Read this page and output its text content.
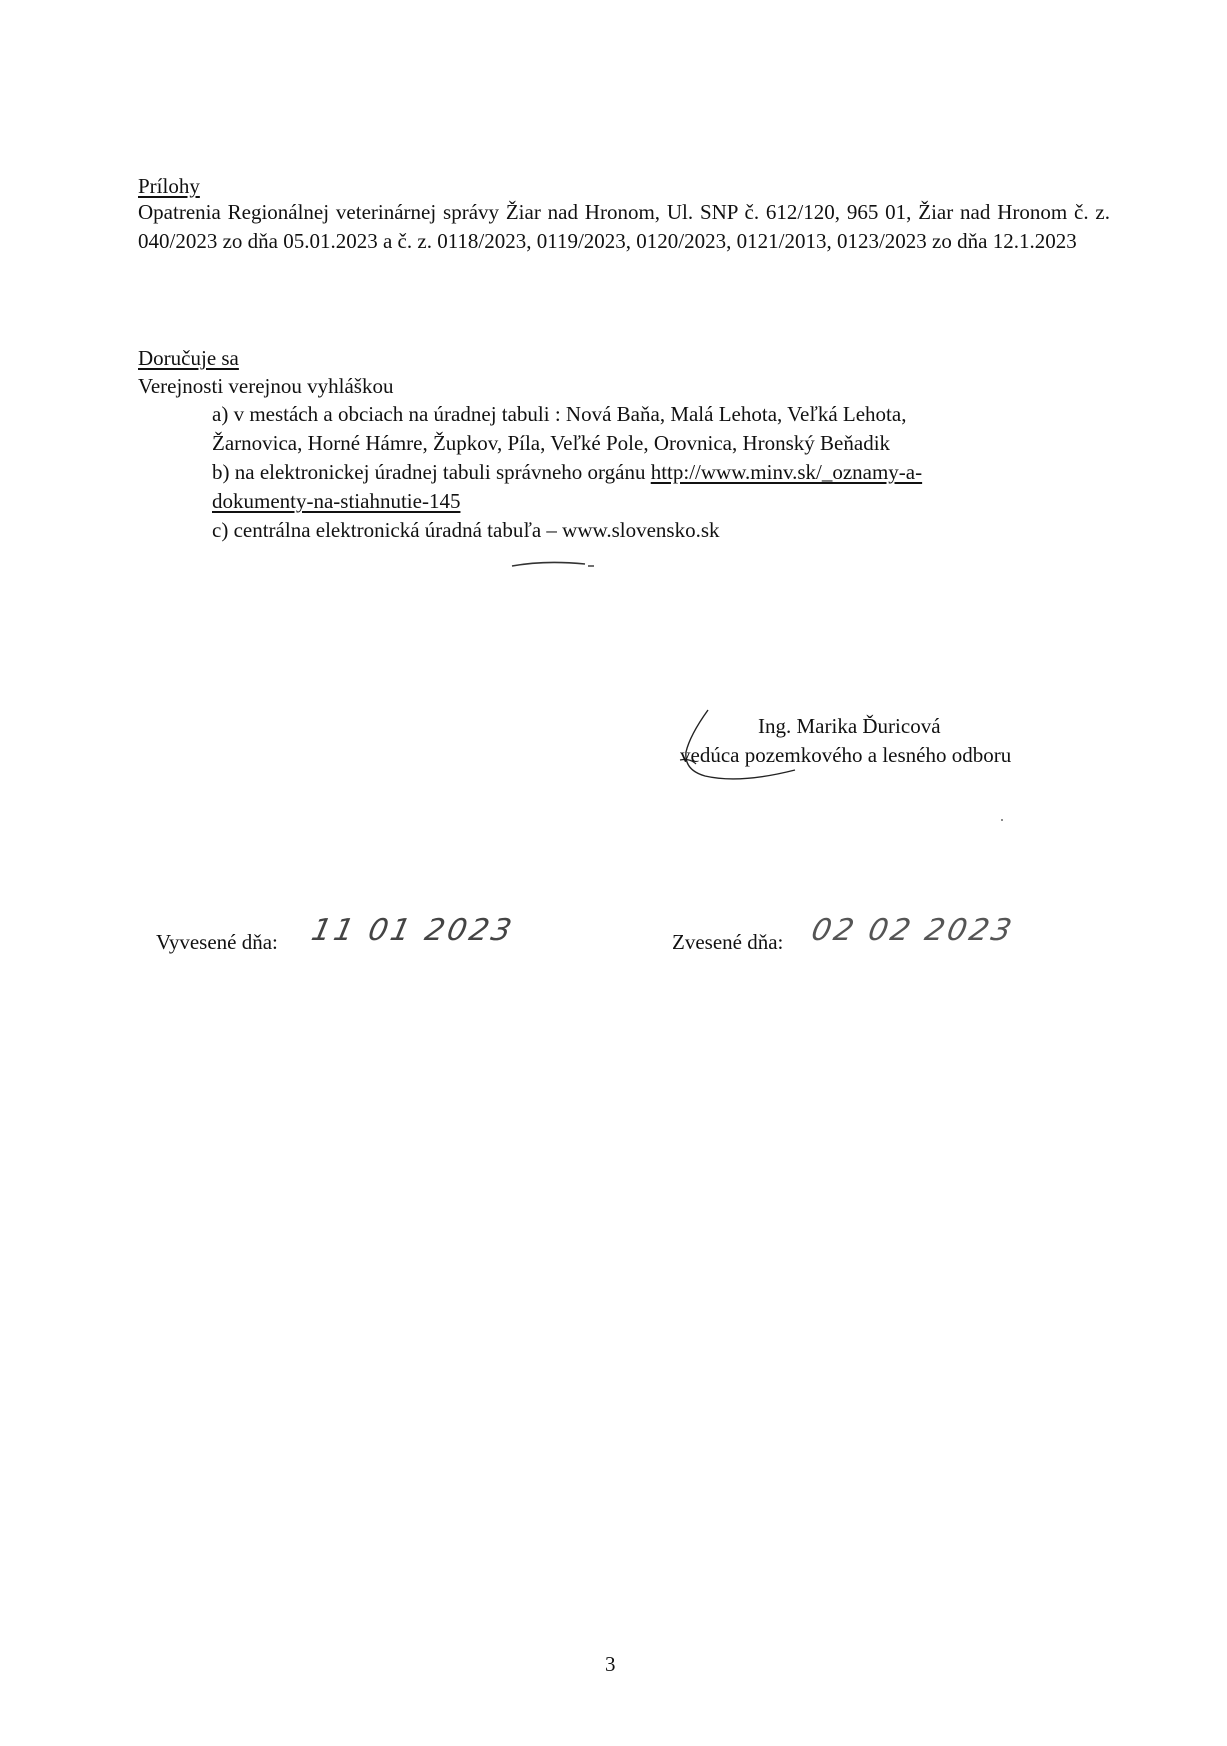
Prílohy
Opatrenia Regionálnej veterinárnej správy Žiar nad Hronom, Ul. SNP č. 612/120, 965 01, Žiar nad Hronom č. z. 040/2023 zo dňa 05.01.2023 a č. z. 0118/2023, 0119/2023, 0120/2023, 0121/2013, 0123/2023 zo dňa 12.1.2023
Doručuje sa
Verejnosti verejnou vyhláškou
a) v mestách a obciach na úradnej tabuli : Nová Baňa, Malá Lehota, Veľká Lehota,
Žarnovica, Horné Hámre, Župkov, Píla, Veľké Pole, Orovnica, Hronský Beňadik
b) na elektronickej úradnej tabuli správneho orgánu http://www.minv.sk/_oznamy-a-
dokumenty-na-stiahnutie-145
c) centrálna elektronická úradná tabuľa – www.slovensko.sk
Ing. Marika Ďuricová
vedúca pozemkového a lesného odboru
Vyvesené dňa: 11 01 2023	Zvesené dňa: 02 02 2023
3
